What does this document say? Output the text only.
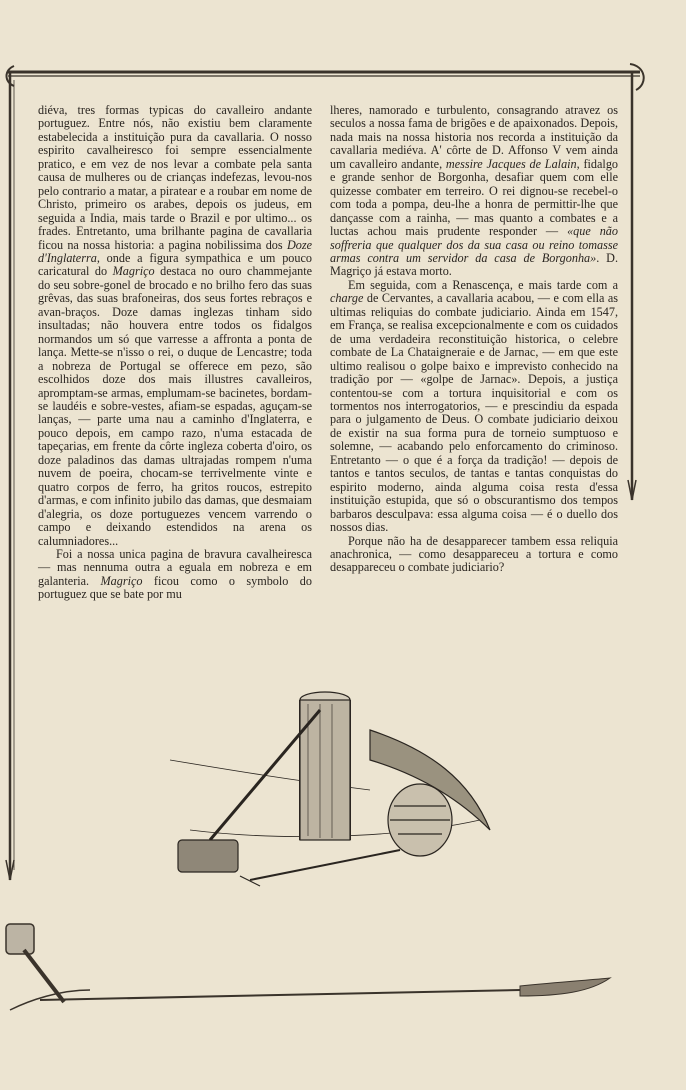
diéva, tres formas typicas do cavalleiro andante portuguez. Entre nós, não existiu bem claramente estabelecida a instituição pura da cavallaria. O nosso espirito cavalheiresco foi sempre essencialmente pratico, e em vez de nos levar a combate pela santa causa de mulheres ou de crianças indefezas, levou-nos pelo contrario a matar, a piratear e a roubar em nome de Christo, primeiro os arabes, depois os judeus, em seguida a India, mais tarde o Brazil e por ultimo... os frades. Entretanto, uma brilhante pagina de cavallaria ficou na nossa historia: a pagina nobilissima dos Doze d'Inglaterra, onde a figura sympathica e um pouco caricatural do Magriço destaca no ouro chammejante do seu sobre-gonel de brocado e no brilho fero das suas grêvas, das suas brafoneiras, dos seus fortes rebraços e avan-braços. Doze damas inglezas tinham sido insultadas; não houvera entre todos os fidalgos normandos um só que varresse a affronta a ponta de lança. Mette-se n'isso o rei, o duque de Lencastre; toda a nobreza de Portugal se offerece em pezo, são escolhidos doze dos mais illustres cavalleiros, apromptam-se armas, emplumam-se bacinetes, bordam-se laudéis e sobre-vestes, afiam-se espadas, aguçam-se lanças, — parte uma nau a caminho d'Inglaterra, e pouco depois, em campo razo, n'uma estacada de tapeçarias, em frente da côrte ingleza coberta d'oiro, os doze paladinos das damas ultrajadas rompem n'uma nuvem de poeira, chocam-se terrivelmente vinte e quatro corpos de ferro, ha gritos roucos, estrepito d'armas, e com infinito jubilo das damas, que desmaiam d'alegria, os doze portuguezes vencem varrendo o campo e deixando estendidos na arena os calumniadores...

Foi a nossa unica pagina de bravura cavalheiresca — mas nennuma outra a eguala em nobreza e em galanteria. Magriço ficou como o symbolo do portuguez que se bate por mu

lheres, namorado e turbulento, consagrando atravez os seculos a nossa fama de brigões e de apaixonados. Depois, nada mais na nossa historia nos recorda a instituição da cavallaria mediéva. A' côrte de D. Affonso V vem ainda um cavalleiro andante, messire Jacques de Lalain, fidalgo e grande senhor de Borgonha, desafiar quem com elle quizesse combater em terreiro. O rei dignou-se recebel-o com toda a pompa, deu-lhe a honra de permittir-lhe que dançasse com a rainha, — mas quanto a combates e a luctas achou mais prudente responder — «que não soffreria que qualquer dos da sua casa ou reino tomasse armas contra um servidor da casa de Borgonha». D. Magriço já estava morto.

Em seguida, com a Renascença, e mais tarde com a charge de Cervantes, a cavallaria acabou, — e com ella as ultimas reliquias do combate judiciario. Ainda em 1547, em França, se realisa excepcionalmente e com os cuidados de uma verdadeira reconstituição historica, o celebre combate de La Chataigneraie e de Jarnac, — em que este ultimo realisou o golpe baixo e imprevisto conhecido na tradição por — «golpe de Jarnac». Depois, a justiça contentou-se com a tortura inquisitorial e com os tormentos nos interrogatorios, — e prescindiu da espada para o julgamento de Deus. O combate judiciario deixou de existir na sua forma pura de torneio sumptuoso e solemne, — acabando pelo enforcamento do criminoso. Entretanto — o que é a força da tradição! — depois de tantos e tantos seculos, de tantas e tantas conquistas do espirito moderno, ainda alguma coisa resta d'essa instituição estupida, que só o obscurantismo dos tempos barbaros desculpava: essa alguma coisa — é o duello dos nossos dias.

Porque não ha de desapparecer tambem essa reliquia anachronica, — como desappareceu a tortura e como desappareceu o combate judiciario?
